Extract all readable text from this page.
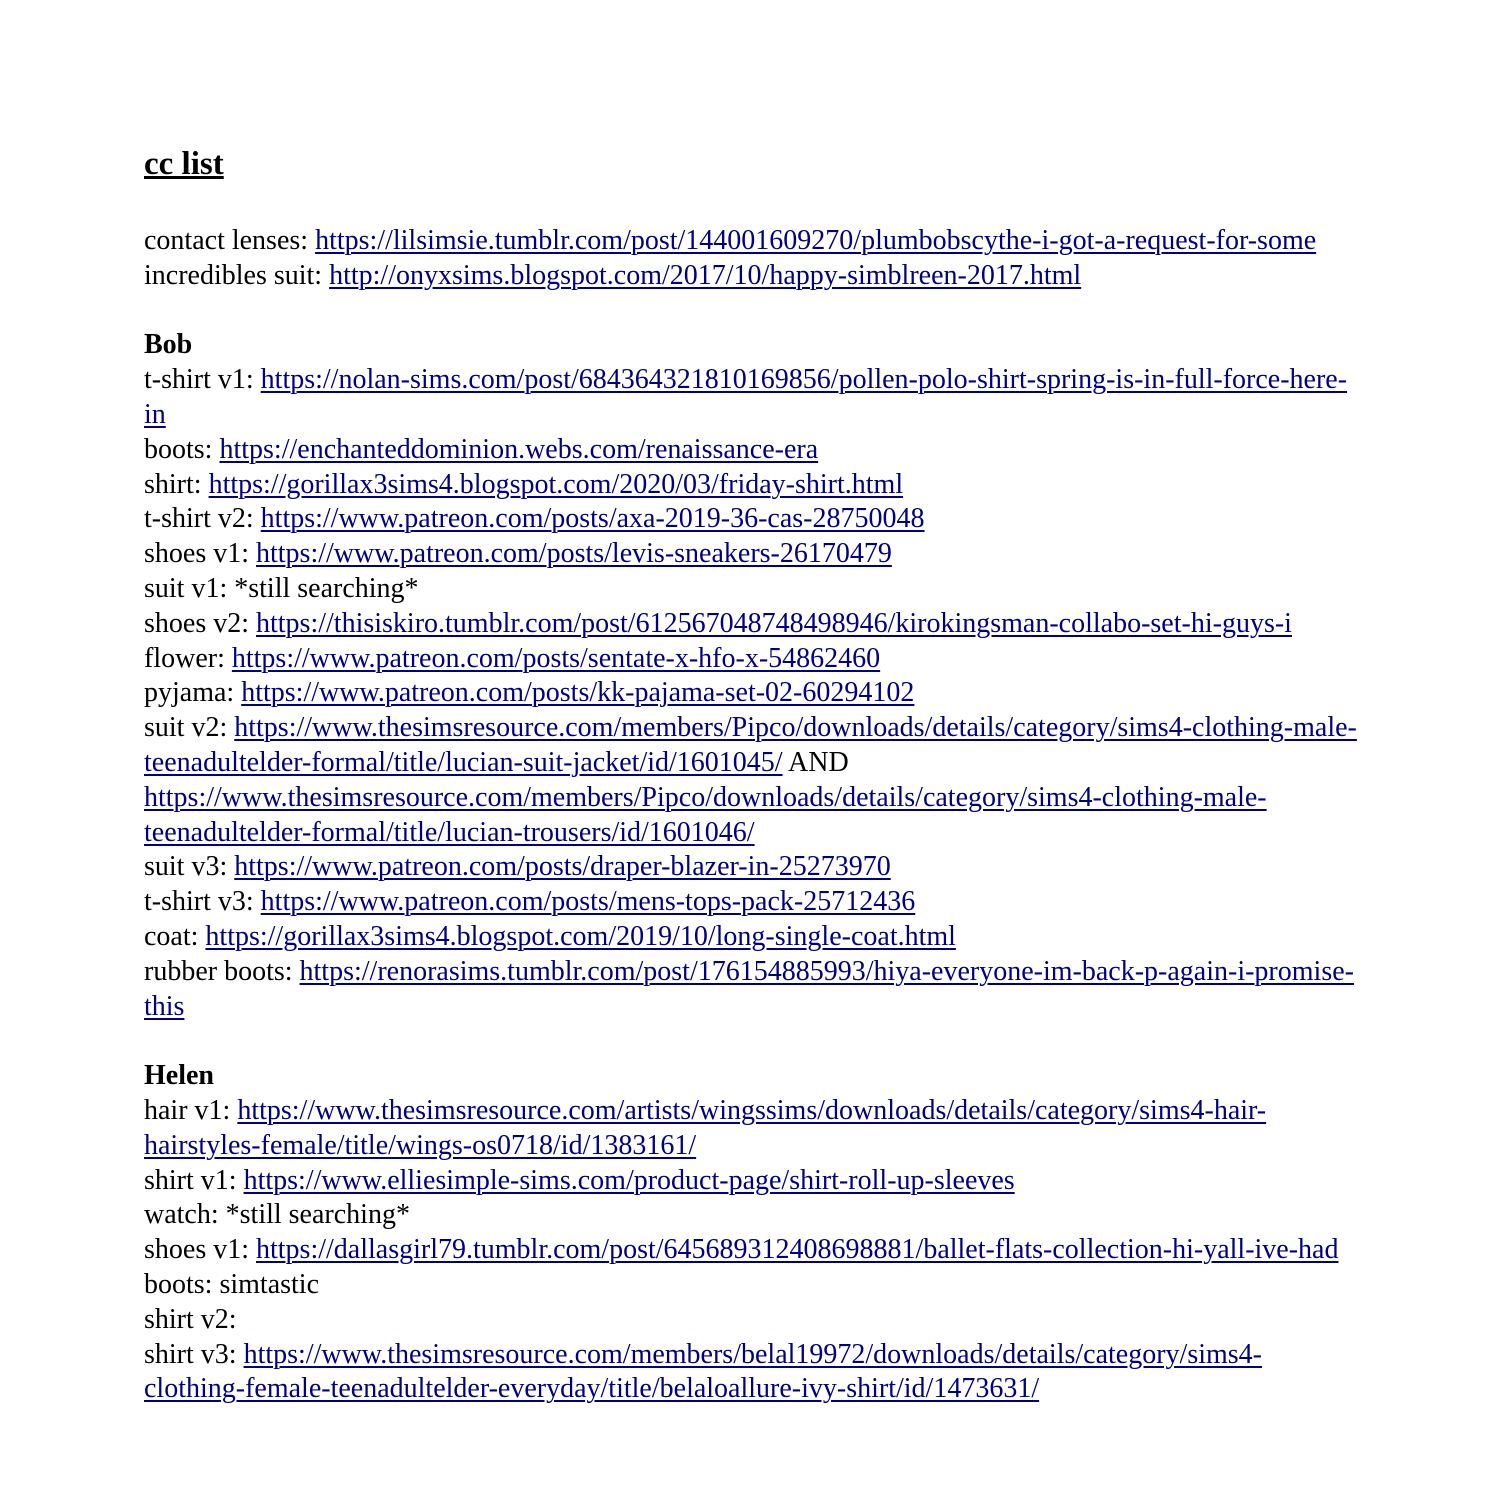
cc list
contact lenses: https://lilsimsie.tumblr.com/post/144001609270/plumbobscythe-i-got-a-request-for-some
incredibles suit: http://onyxsims.blogspot.com/2017/10/happy-simblreen-2017.html
Bob
t-shirt v1: https://nolan-sims.com/post/684364321810169856/pollen-polo-shirt-spring-is-in-full-force-here-in
boots: https://enchanteddominion.webs.com/renaissance-era
shirt: https://gorillax3sims4.blogspot.com/2020/03/friday-shirt.html
t-shirt v2: https://www.patreon.com/posts/axa-2019-36-cas-28750048
shoes v1: https://www.patreon.com/posts/levis-sneakers-26170479
suit v1: *still searching*
shoes v2: https://thisiskiro.tumblr.com/post/612567048748498946/kirokingsman-collabo-set-hi-guys-i
flower: https://www.patreon.com/posts/sentate-x-hfo-x-54862460
pyjama: https://www.patreon.com/posts/kk-pajama-set-02-60294102
suit v2: https://www.thesimsresource.com/members/Pipco/downloads/details/category/sims4-clothing-male-teenadultelder-formal/title/lucian-suit-jacket/id/1601045/ AND https://www.thesimsresource.com/members/Pipco/downloads/details/category/sims4-clothing-male-teenadultelder-formal/title/lucian-trousers/id/1601046/
suit v3: https://www.patreon.com/posts/draper-blazer-in-25273970
t-shirt v3: https://www.patreon.com/posts/mens-tops-pack-25712436
coat: https://gorillax3sims4.blogspot.com/2019/10/long-single-coat.html
rubber boots: https://renorasims.tumblr.com/post/176154885993/hiya-everyone-im-back-p-again-i-promise-this
Helen
hair v1: https://www.thesimsresource.com/artists/wingssims/downloads/details/category/sims4-hair-hairstyles-female/title/wings-os0718/id/1383161/
shirt v1: https://www.elliesimple-sims.com/product-page/shirt-roll-up-sleeves
watch: *still searching*
shoes v1: https://dallasgirl79.tumblr.com/post/645689312408698881/ballet-flats-collection-hi-yall-ive-had
boots: simtastic
shirt v2:
shirt v3: https://www.thesimsresource.com/members/belal19972/downloads/details/category/sims4-clothing-female-teenadultelder-everyday/title/belaloallure-ivy-shirt/id/1473631/
